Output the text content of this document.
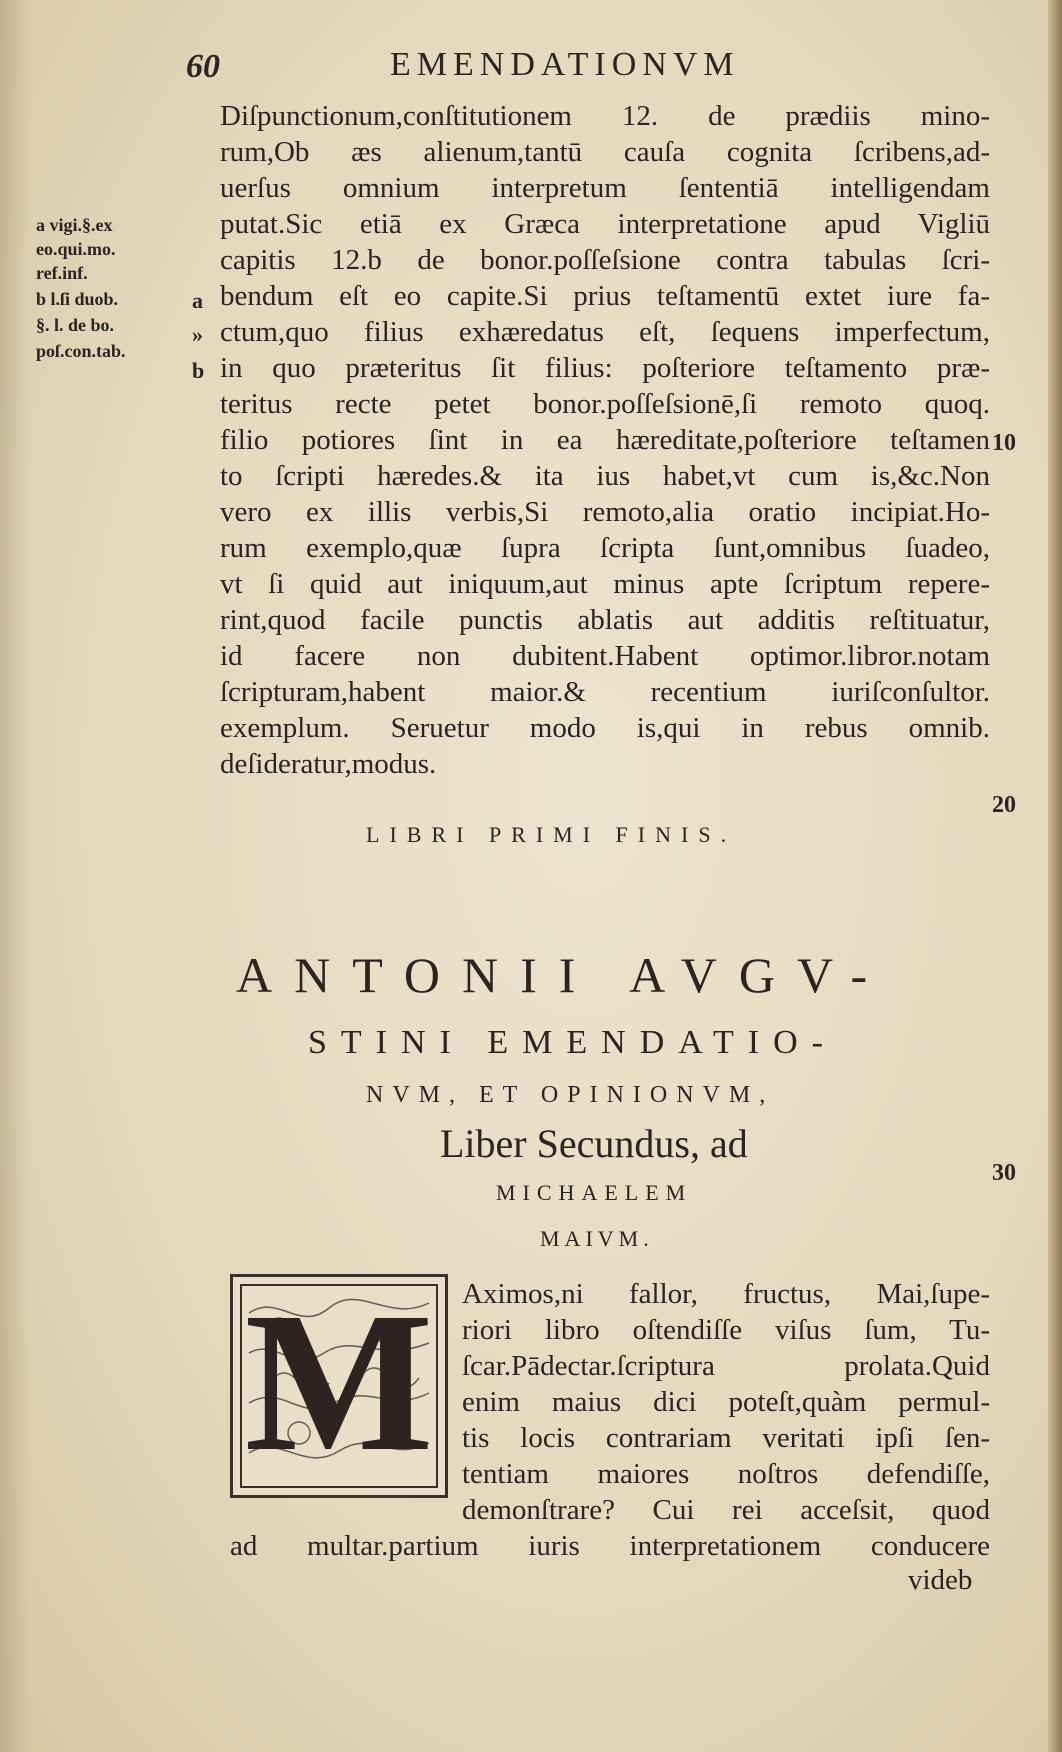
60	EMENDATIONVM
Diſpunctionum,conſtitutionem 12. de prædiis mino-
rum,Ob æs alienum,tantū cauſa cognita ſcribens,ad-
uerſus omnium interpretum ſententiā intelligendam
putat.Sic etiā ex Græca interpretatione apud Vigliū
capitis 12.b de bonor.poſſeſsione contra tabulas ſcri-
bendum eſt eo capite.Si prius teſtamentū extet iure fa-
ctum,quo filius exhæredatus eſt, ſequens imperfectum,
in quo præteritus ſit filius: poſteriore teſtamento præ-
teritus recte petet bonor.poſſeſsionē,ſi remoto quoq.
filio potiores ſint in ea hæreditate,poſteriore teſtamen
to ſcripti hæredes.& ita ius habet,vt cum is,&c.Non
vero ex illis verbis,Si remoto,alia oratio incipiat.Ho-
rum exemplo,quæ ſupra ſcripta ſunt,omnibus ſuadeo,
vt ſi quid aut iniquum,aut minus apte ſcriptum repere-
rint,quod facile punctis ablatis aut additis reſtituatur,
id facere non dubitent.Habent optimor.libror.notam
ſcripturam,habent maior.& recentium iuriſconſultor.
exemplum. Seruetur modo is,qui in rebus omnib.
deſideratur,modus.
a vigi.§.ex
eo.qui.mo.
ref.inf.
b l.ſi duob.
§. l. de bo.
poſ.con.tab.
a
»
b
10
20
30
LIBRI PRIMI FINIS.
ANTONII AVGV-
STINI EMENDATIO-
NVM, ET OPINIONVM,
Liber Secundus, ad
MICHAELEM
MAIVM.
M Aximos,ni fallor, fructus, Mai,ſupe-
riori libro oſtendiſſe viſus ſum, Tu-
ſcar.Pādectar.ſcriptura prolata.Quid
enim maius dici poteſt,quàm permul-
tis locis contrariam veritati ipſi ſen-
tentiam maiores noſtros defendiſſe,
demonſtrare? Cui rei acceſsit, quod
ad multar.partium iuris interpretationem conducere
videb
